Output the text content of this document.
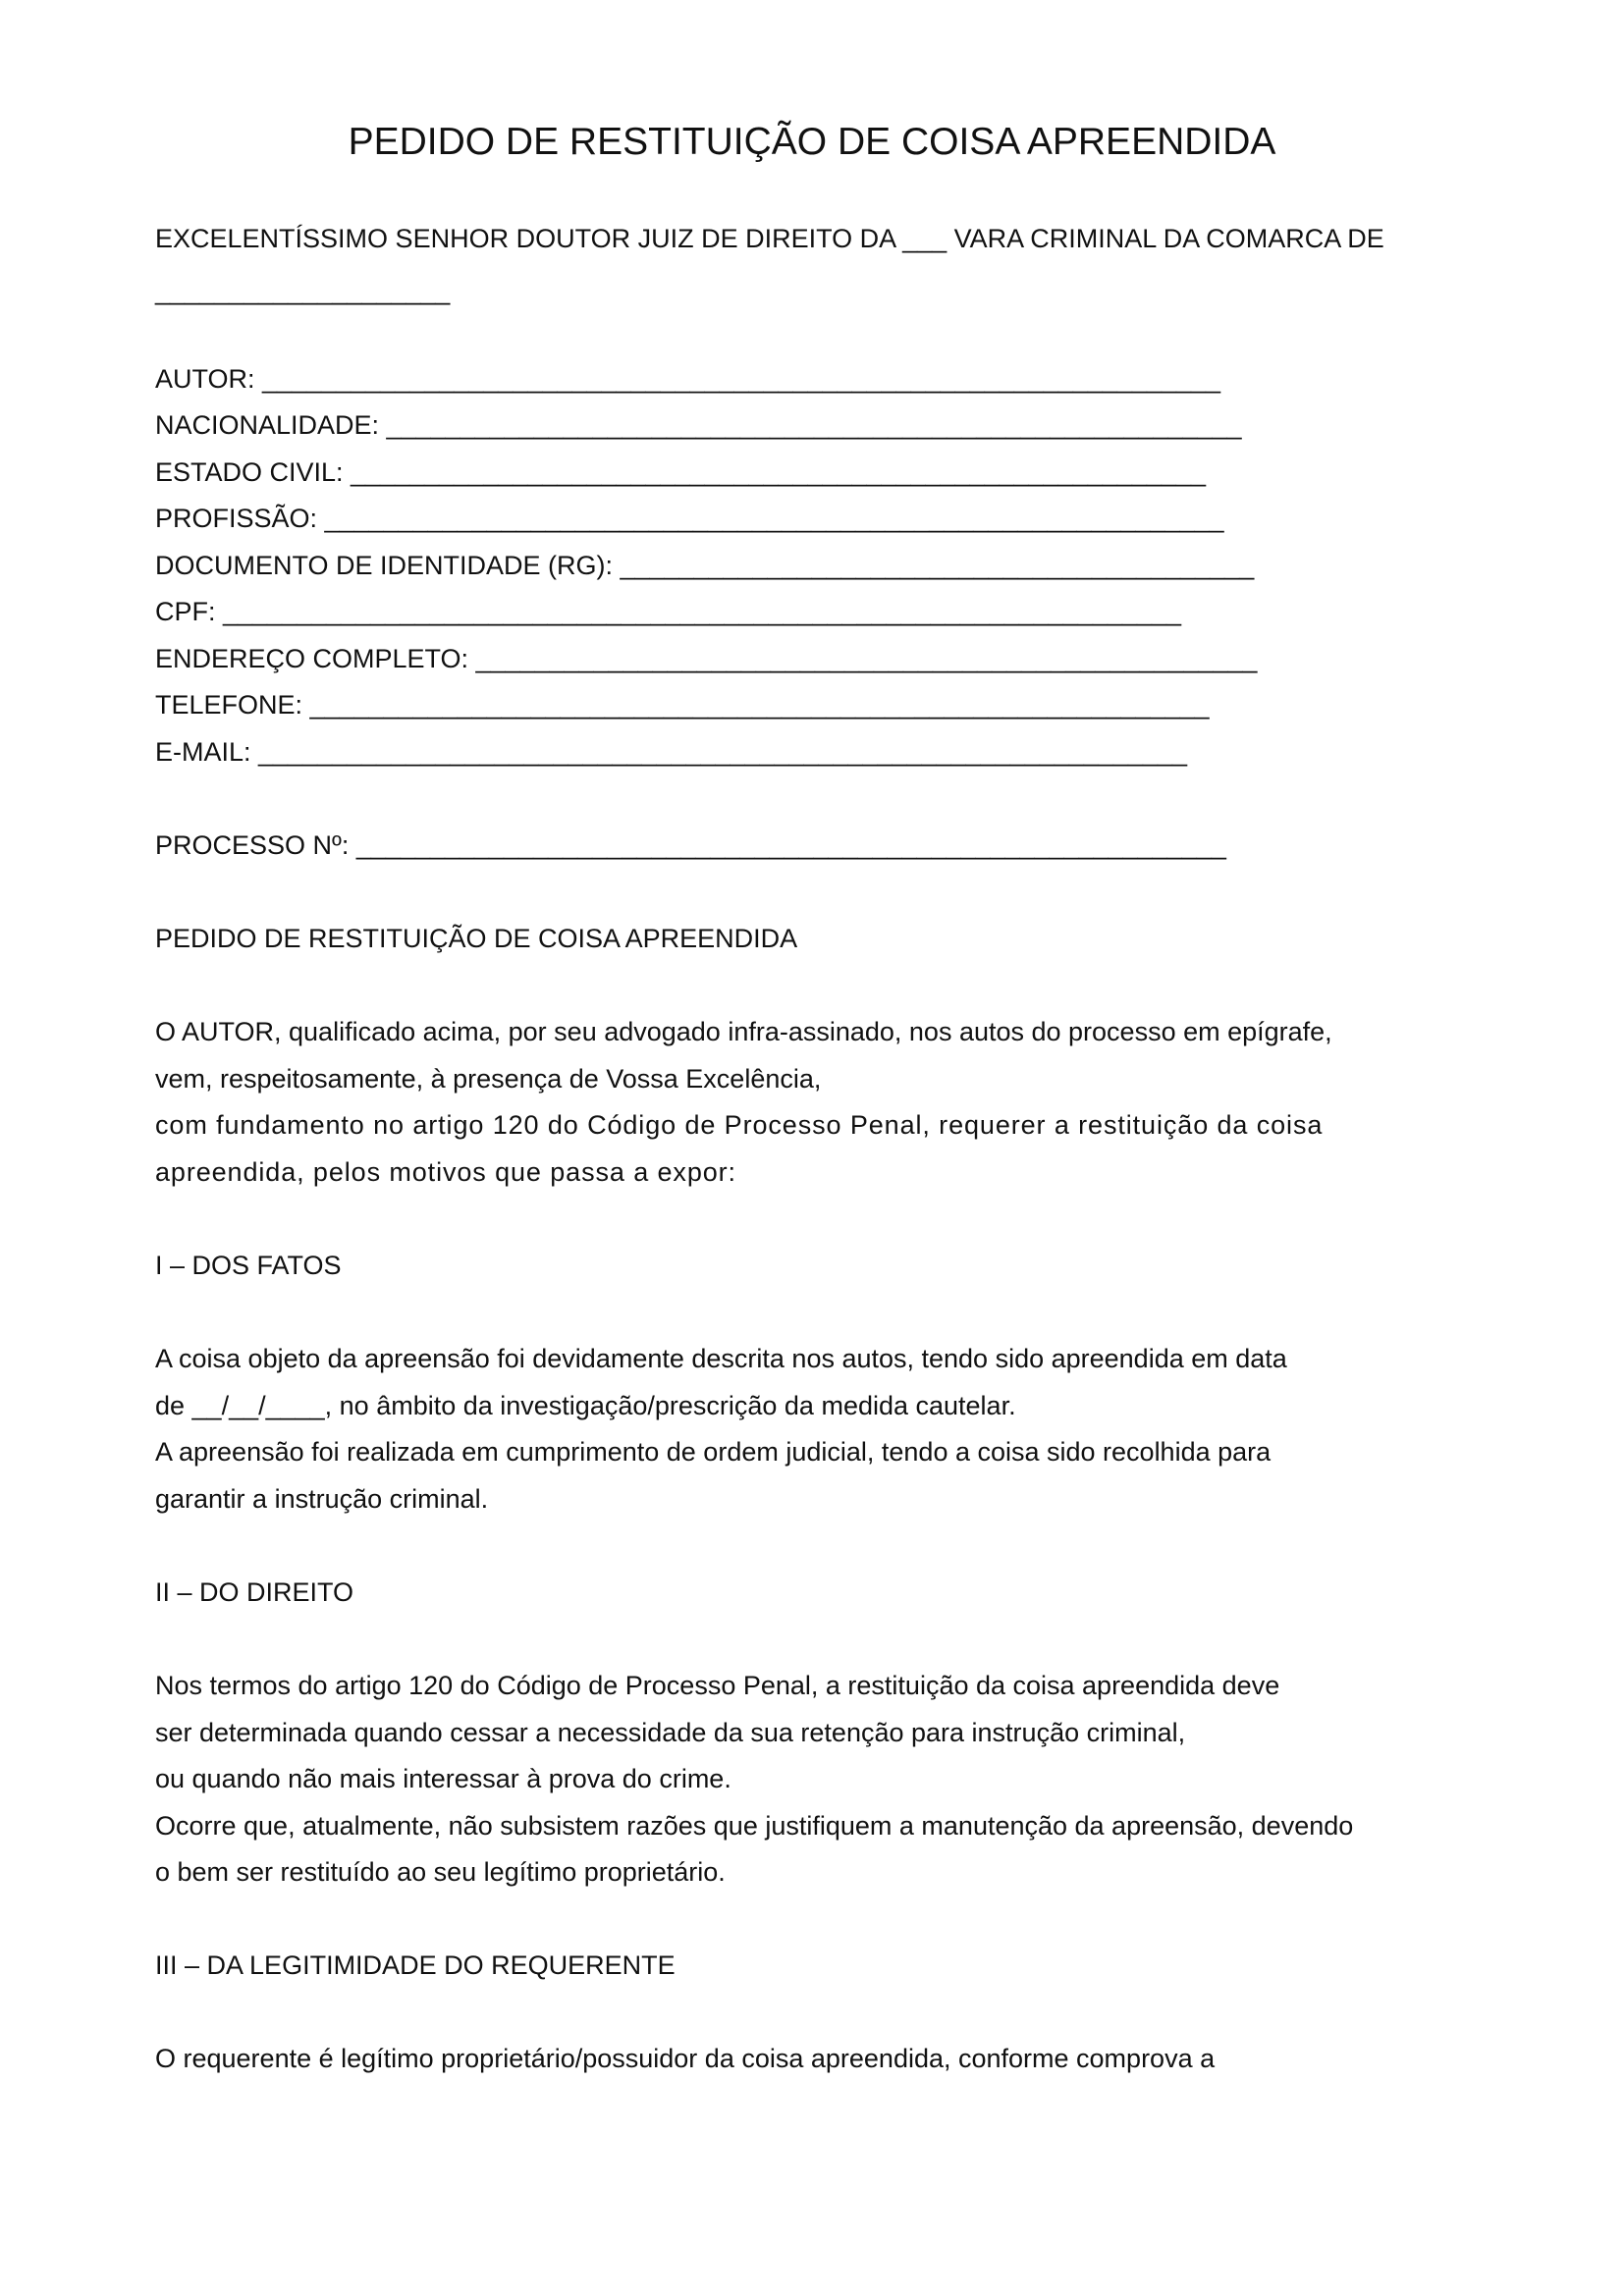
PEDIDO DE RESTITUIÇÃO DE COISA APREENDIDA

EXCELENTÍSSIMO SENHOR DOUTOR JUIZ DE DIREITO DA ___ VARA CRIMINAL DA COMARCA DE

____________________

AUTOR: _________________________________________________________________

NACIONALIDADE: __________________________________________________________

ESTADO CIVIL: __________________________________________________________

PROFISSÃO: _____________________________________________________________

DOCUMENTO DE IDENTIDADE (RG): ___________________________________________

CPF: _________________________________________________________________

ENDEREÇO COMPLETO: _____________________________________________________

TELEFONE: _____________________________________________________________

E-MAIL: _______________________________________________________________

PROCESSO Nº: ___________________________________________________________

PEDIDO DE RESTITUIÇÃO DE COISA APREENDIDA

O AUTOR, qualificado acima, por seu advogado infra-assinado, nos autos do processo em epígrafe,

vem, respeitosamente, à presença de Vossa Excelência,

com fundamento no artigo 120 do Código de Processo Penal, requerer a restituição da coisa

apreendida, pelos motivos que passa a expor:

I – DOS FATOS

A coisa objeto da apreensão foi devidamente descrita nos autos, tendo sido apreendida em data

de __/__/____, no âmbito da investigação/prescrição da medida cautelar.

A apreensão foi realizada em cumprimento de ordem judicial, tendo a coisa sido recolhida para

garantir a instrução criminal.

II – DO DIREITO

Nos termos do artigo 120 do Código de Processo Penal, a restituição da coisa apreendida deve

ser determinada quando cessar a necessidade da sua retenção para instrução criminal,

ou quando não mais interessar à prova do crime.

Ocorre que, atualmente, não subsistem razões que justifiquem a manutenção da apreensão, devendo

o bem ser restituído ao seu legítimo proprietário.

III – DA LEGITIMIDADE DO REQUERENTE

O requerente é legítimo proprietário/possuidor da coisa apreendida, conforme comprova a
